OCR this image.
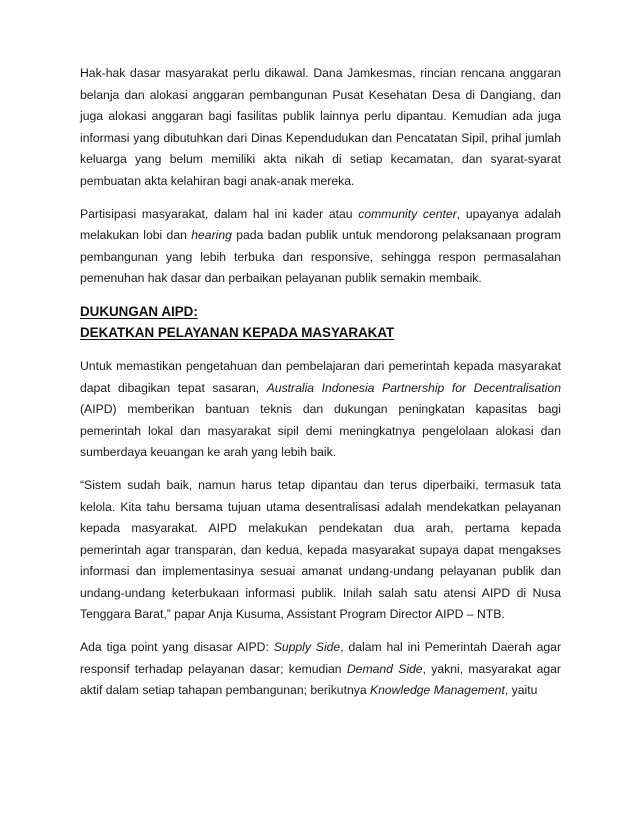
Hak-hak dasar masyarakat perlu dikawal. Dana Jamkesmas, rincian rencana anggaran belanja dan alokasi anggaran pembangunan Pusat Kesehatan Desa di Dangiang, dan juga alokasi anggaran bagi fasilitas publik lainnya perlu dipantau. Kemudian ada juga informasi yang dibutuhkan dari Dinas Kependudukan dan Pencatatan Sipil, prihal jumlah keluarga yang belum memiliki akta nikah di setiap kecamatan, dan syarat-syarat pembuatan akta kelahiran bagi anak-anak mereka.

Partisipasi masyarakat, dalam hal ini kader atau community center, upayanya adalah melakukan lobi dan hearing pada badan publik untuk mendorong pelaksanaan program pembangunan yang lebih terbuka dan responsive, sehingga respon permasalahan pemenuhan hak dasar dan perbaikan pelayanan publik semakin membaik.

DUKUNGAN AIPD:
DEKATKAN PELAYANAN KEPADA MASYARAKAT

Untuk memastikan pengetahuan dan pembelajaran dari pemerintah kepada masyarakat dapat dibagikan tepat sasaran, Australia Indonesia Partnership for Decentralisation (AIPD) memberikan bantuan teknis dan dukungan peningkatan kapasitas bagi pemerintah lokal dan masyarakat sipil demi meningkatnya pengelolaan alokasi dan sumberdaya keuangan ke arah yang lebih baik.

“Sistem sudah baik, namun harus tetap dipantau dan terus diperbaiki, termasuk tata kelola. Kita tahu bersama tujuan utama desentralisasi adalah mendekatkan pelayanan kepada masyarakat. AIPD melakukan pendekatan dua arah, pertama kepada pemerintah agar transparan, dan kedua, kepada masyarakat supaya dapat mengakses informasi dan implementasinya sesuai amanat undang-undang pelayanan publik dan undang-undang keterbukaan informasi publik. Inilah salah satu atensi AIPD di Nusa Tenggara Barat,” papar Anja Kusuma, Assistant Program Director AIPD – NTB.

Ada tiga point yang disasar AIPD: Supply Side, dalam hal ini Pemerintah Daerah agar responsif terhadap pelayanan dasar; kemudian Demand Side, yakni, masyarakat agar aktif dalam setiap tahapan pembangunan; berikutnya Knowledge Management, yaitu
